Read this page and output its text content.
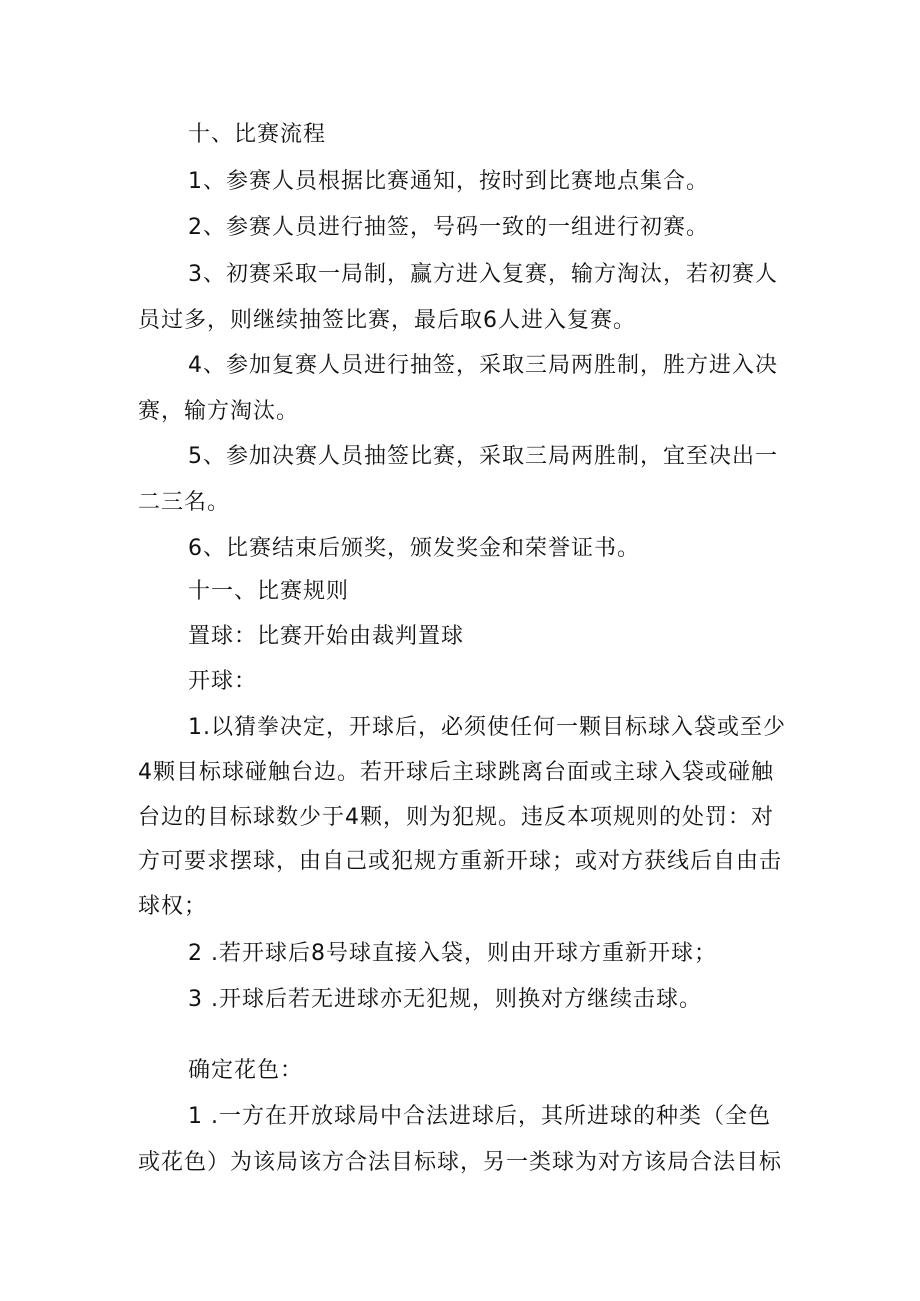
十、比赛流程
1、参赛人员根据比赛通知，按时到比赛地点集合。
2、参赛人员进行抽签，号码一致的一组进行初赛。
3、初赛采取一局制，赢方进入复赛，输方淘汰，若初赛人
员过多，则继续抽签比赛，最后取6人进入复赛。
4、参加复赛人员进行抽签，采取三局两胜制，胜方进入决
赛，输方淘汰。
5、参加决赛人员抽签比赛，采取三局两胜制，宜至决出一
二三名。
6、比赛结束后颁奖，颁发奖金和荣誉证书。
十一、比赛规则
置球：比赛开始由裁判置球
开球：
1.以猜拳决定，开球后，必须使任何一颗目标球入袋或至少
4颗目标球碰触台边。若开球后主球跳离台面或主球入袋或碰触
台边的目标球数少于4颗，则为犯规。违反本项规则的处罚：对
方可要求摆球，由自己或犯规方重新开球；或对方获线后自由击
球权；
2 .若开球后8号球直接入袋，则由开球方重新开球；
3 .开球后若无进球亦无犯规，则换对方继续击球。
确定花色：
1 .一方在开放球局中合法进球后，其所进球的种类（全色
或花色）为该局该方合法目标球，另一类球为对方该局合法目标
